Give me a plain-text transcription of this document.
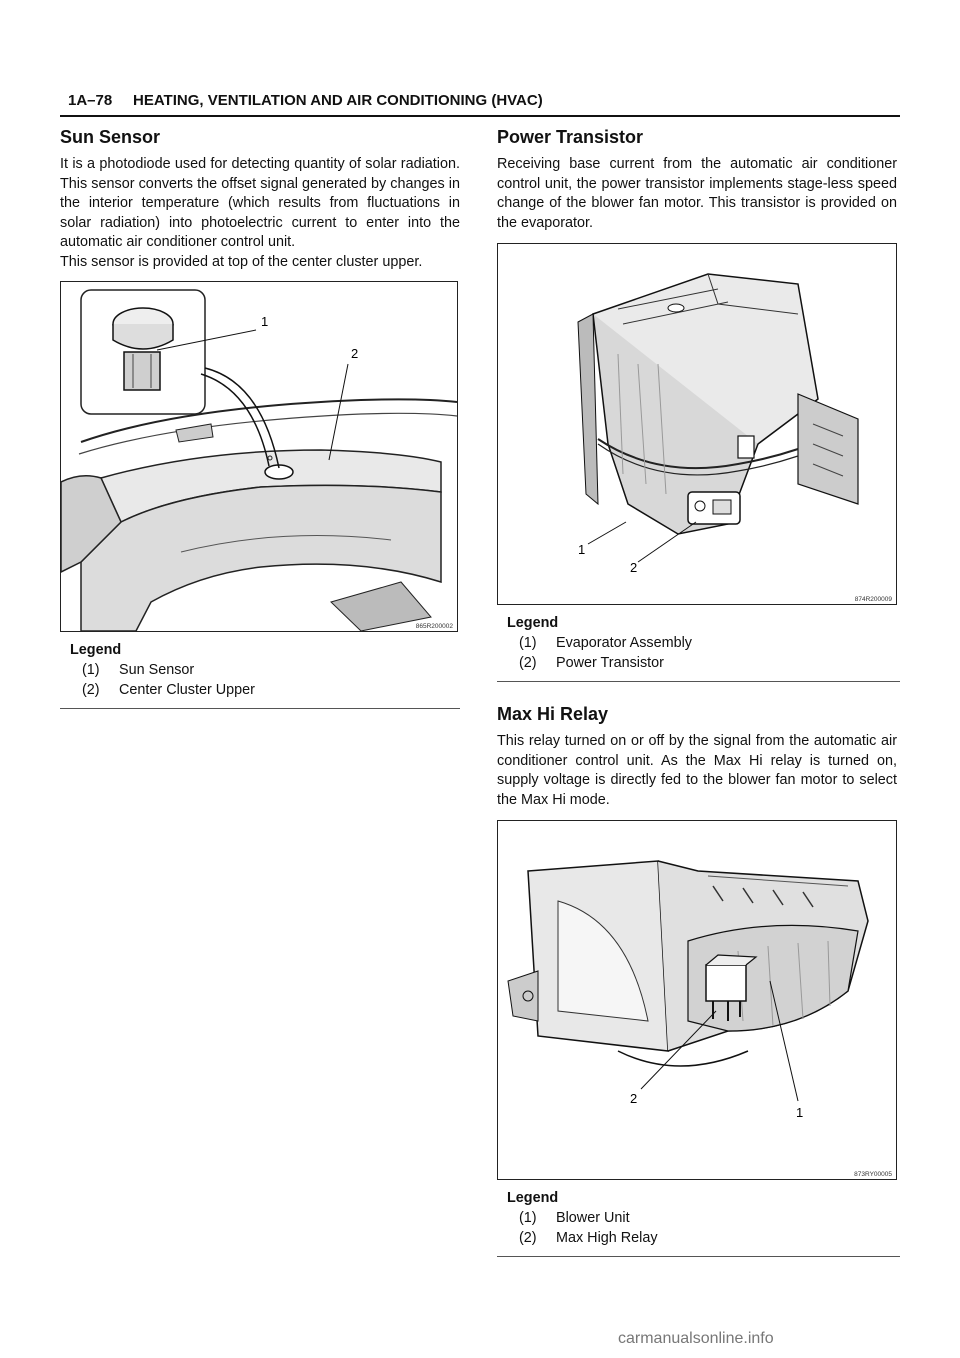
1A–78 HEATING, VENTILATION AND AIR CONDITIONING (HVAC)
Sun Sensor

It is a photodiode used for detecting quantity of solar radiation. This sensor converts the offset signal generated by changes in the interior temperature (which results from fluctuations in solar radiation) into photoelectric current to enter into the automatic air conditioner control unit.

This sensor is provided at top of the center cluster upper.

1
2
865R200002
Legend
(1)	Sun Sensor
(2)	Center Cluster Upper
Power Transistor

Receiving base current from the automatic air conditioner control unit, the power transistor implements stage-less speed change of the blower fan motor. This transistor is provided on the evaporator.

1
2
874R200009
Legend
(1)	Evaporator Assembly
(2)	Power Transistor
Max Hi Relay

This relay turned on or off by the signal from the automatic air conditioner control unit. As the Max Hi relay is turned on, supply voltage is directly fed to the blower fan motor to select the Max Hi mode.

2
1
873RY00005
Legend
(1)	Blower Unit
(2)	Max High Relay
carmanualsonline.info
